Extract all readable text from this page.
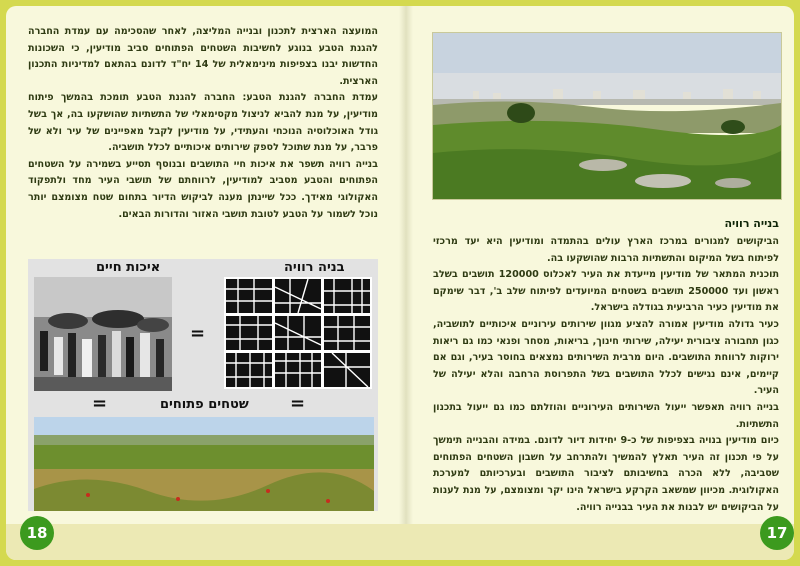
המועצה הארצית לתכנון ובנייה המליצה, לאחר שהסכימה עם עמדת החברה להגנת הטבע בנוגע לחשיבות השטחים הפתוחים סביב מודיעין, כי השכונות החדשות יבנו בצפיפות מינימאלית של 14 יח"ד לדונם בהתאם למדיניות התכנון הארצית.

עמדת החברה להגנת הטבע: החברה להגנת הטבע תומכת בהמשך פיתוח מודיעין, על מנת להביא לניצול מקסימאלי של התשתיות שהושקעו בה, אך בשל גודל האוכלוסיה הנוכחי והעתידי, על מודיעין לקבל מאפיינים של עיר ולא של פרבר, על מנת שתוכל לספק שירותים איכותיים לכלל תושביה.

בנייה רוויה תשפר את איכות חיי התושבים ובנוסף תסייע בשמירה על השטחים הפתוחים והטבע מסביב למודיעין, לרווחתם של תושבי העיר מחד ולתפקוד האקולוגי מאידך. ככל שיינתן מענה לביקוש הדיור בתחום שטח מצומצם יותר נוכל לשמור על הטבע לטובת תושבי האזור והדורות הבאים.

איכות חיים	בניה רוויה
=
=	שטחים פתוחים =
18
בנייה רוויה

הביקושים למגורים במרכז הארץ עולים בהתמדה ומודיעין היא יעד מרכזי לפיתוח בשל המיקום והתשתיות הרבות שהושקעו בה.

תוכנית המתאר של מודיעין מייעדת את העיר לאכלוס 120000 תושבים בשלב ראשון ועד 250000 תושבים בשטחים המיועדים לפיתוח שלב ב', דבר שימקם את מודיעין כעיר הרביעית בגודלה בישראל.

כעיר גדולה מודיעין אמורה להציע מגוון שירותים עירוניים איכותיים לתושביה, כגון תחבורה ציבורית יעילה, שירותי חינוך, בריאות, מסחר ופנאי כמו גם ריאות ירוקות לרווחת התושבים. היום מרבית השירותים נמצאים בחוסר בעיר, וגם אם קיימים, אינם נגישים לכלל התושבים בשל התפרוסת הרחבה והלא יעילה של העיר.

בנייה רוויה תאפשר ייעול השירותים העירוניים והוזלתם כמו גם ייעול בתכנון התשתיות.

כיום מודיעין בנויה בצפיפות של כ-9 יחידות דיור לדונם. במידה והבנייה תימשך על פי תכנון זה העיר תאלץ להמשיך ולהתרחב על חשבון השטחים הפתוחים שסביבה, ללא הכרה בחשיבותם לציבור התושבים ובערכיותם למערכת האקולוגית. מכיוון שמשאב הקרקע בישראל הינו יקר ומצומצם, על מנת לענות על הביקושים יש לבנות את העיר בבנייה רוויה.

17
